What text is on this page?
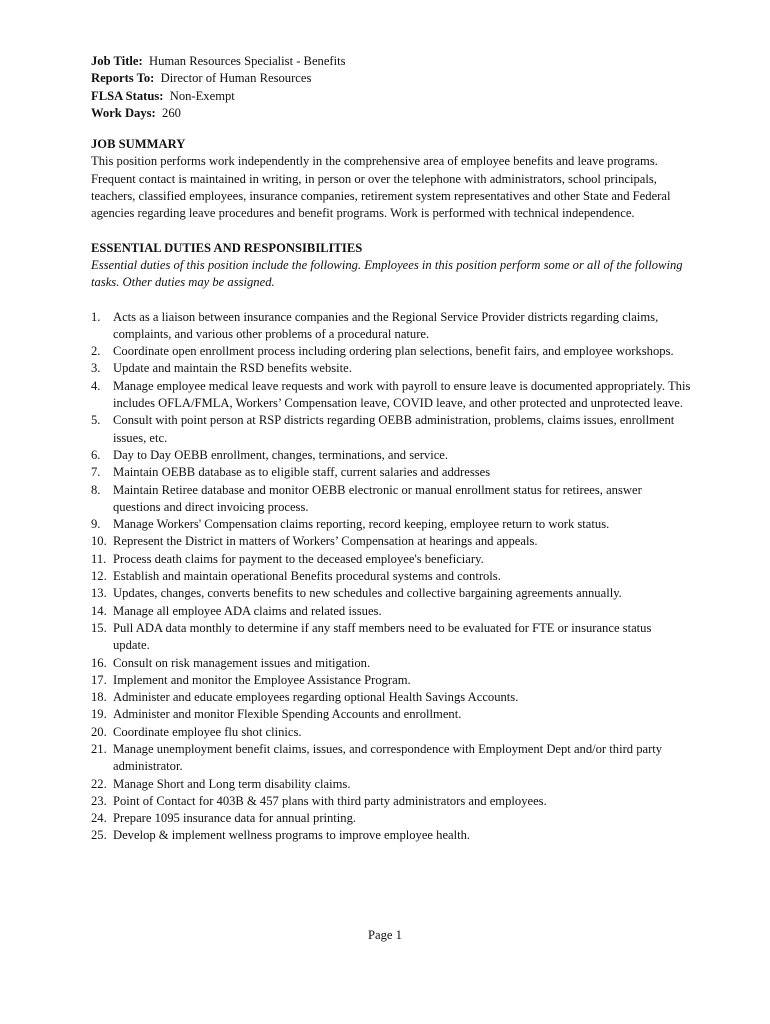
Job Title: Human Resources Specialist - Benefits

Reports To: Director of Human Resources

FLSA Status: Non-Exempt

Work Days: 260

JOB SUMMARY

This position performs work independently in the comprehensive area of employee benefits and leave programs. Frequent contact is maintained in writing, in person or over the telephone with administrators, school principals, teachers, classified employees, insurance companies, retirement system representatives and other State and Federal agencies regarding leave procedures and benefit programs. Work is performed with technical independence.

ESSENTIAL DUTIES AND RESPONSIBILITIES

Essential duties of this position include the following. Employees in this position perform some or all of the following tasks. Other duties may be assigned.

1. Acts as a liaison between insurance companies and the Regional Service Provider districts regarding claims, complaints, and various other problems of a procedural nature.
2. Coordinate open enrollment process including ordering plan selections, benefit fairs, and employee workshops.
3. Update and maintain the RSD benefits website.
4. Manage employee medical leave requests and work with payroll to ensure leave is documented appropriately. This includes OFLA/FMLA, Workers’ Compensation leave, COVID leave, and other protected and unprotected leave.
5. Consult with point person at RSP districts regarding OEBB administration, problems, claims issues, enrollment issues, etc.
6. Day to Day OEBB enrollment, changes, terminations, and service.
7. Maintain OEBB database as to eligible staff, current salaries and addresses
8. Maintain Retiree database and monitor OEBB electronic or manual enrollment status for retirees, answer questions and direct invoicing process.
9. Manage Workers' Compensation claims reporting, record keeping, employee return to work status.
10. Represent the District in matters of Workers’ Compensation at hearings and appeals.
11. Process death claims for payment to the deceased employee's beneficiary.
12. Establish and maintain operational Benefits procedural systems and controls.
13. Updates, changes, converts benefits to new schedules and collective bargaining agreements annually.
14. Manage all employee ADA claims and related issues.
15. Pull ADA data monthly to determine if any staff members need to be evaluated for FTE or insurance status update.
16. Consult on risk management issues and mitigation.
17. Implement and monitor the Employee Assistance Program.
18. Administer and educate employees regarding optional Health Savings Accounts.
19. Administer and monitor Flexible Spending Accounts and enrollment.
20. Coordinate employee flu shot clinics.
21. Manage unemployment benefit claims, issues, and correspondence with Employment Dept and/or third party administrator.
22. Manage Short and Long term disability claims.
23. Point of Contact for 403B & 457 plans with third party administrators and employees.
24. Prepare 1095 insurance data for annual printing.
25. Develop & implement wellness programs to improve employee health.
Page 1
